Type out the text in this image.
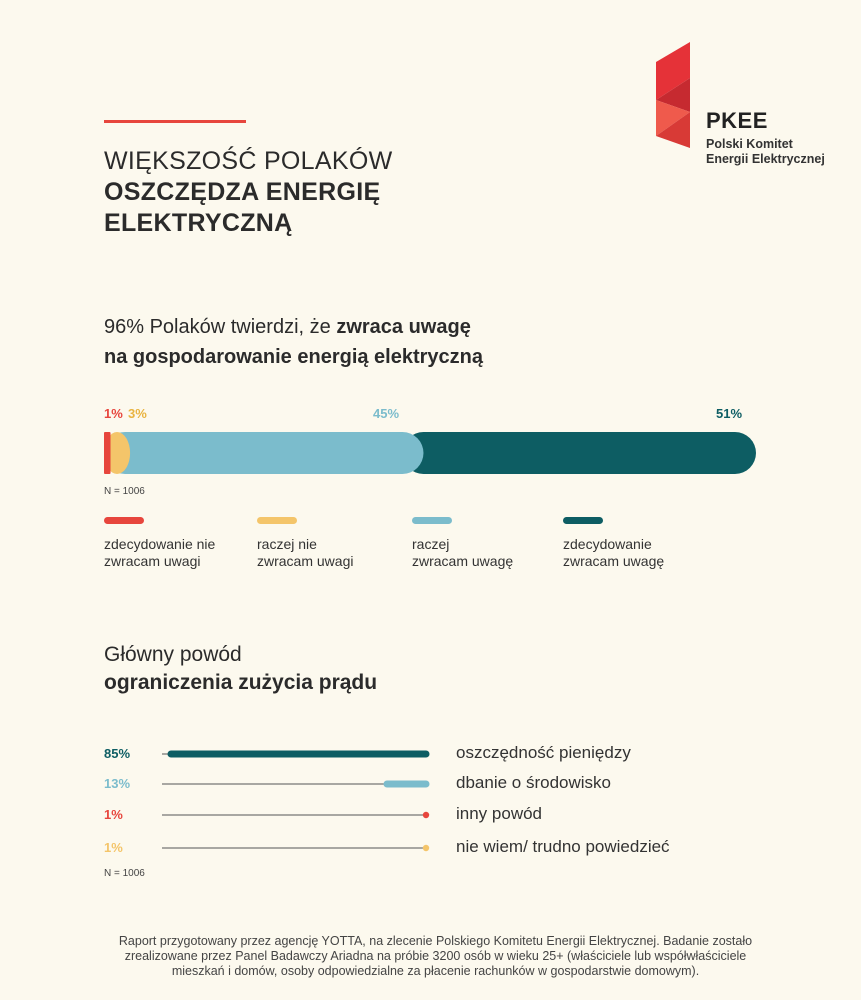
WIĘKSZOŚĆ POLAKÓW
OSZCZĘDZA ENERGIĘ
ELEKTRYCZNĄ
PKEE
Polski Komitet
Energii Elektrycznej
96% Polaków twierdzi, że zwraca uwagę
na gospodarowanie energią elektryczną
1% 3%	45%	51%
N = 1006
zdecydowanie nie
zwracam uwagi
raczej nie
zwracam uwagi
raczej
zwracam uwagę
zdecydowanie
zwracam uwagę
Główny powód
ograniczenia zużycia prądu
85%	oszczędność pieniędzy
13%	dbanie o środowisko
1%	inny powód
1%	nie wiem/ trudno powiedzieć
N = 1006
Raport przygotowany przez agencję YOTTA, na zlecenie Polskiego Komitetu Energii Elektrycznej. Badanie zostało
zrealizowane przez Panel Badawczy Ariadna na próbie 3200 osób w wieku 25+ (właściciele lub współwłaściciele
mieszkań i domów, osoby odpowiedzialne za płacenie rachunków w gospodarstwie domowym).
